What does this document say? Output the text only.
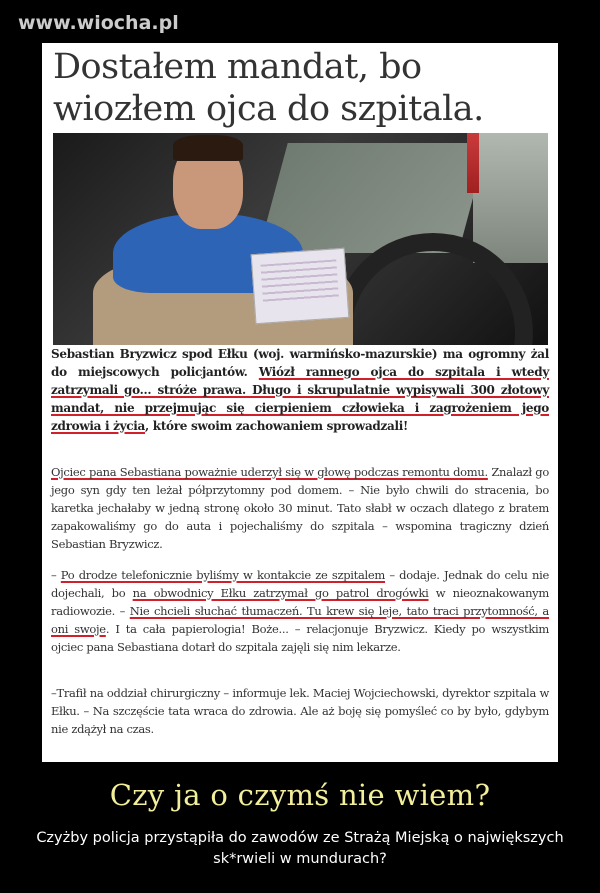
www.wiocha.pl
Dostałem mandat, bo wiozłem ojca do szpitala.
Sebastian Bryzwicz spod Ełku (woj. warmińsko-mazurskie) ma ogromny żal do miejscowych policjantów. Wiózł rannego ojca do szpitala i wtedy zatrzymali go... stróże prawa. Długo i skrupulatnie wypisywali 300 złotowy mandat, nie przejmując się cierpieniem człowieka i zagrożeniem jego zdrowia i życia, które swoim zachowaniem sprowadzali!
Ojciec pana Sebastiana poważnie uderzył się w głowę podczas remontu domu. Znalazł go jego syn gdy ten leżał półprzytomny pod domem. – Nie było chwili do stracenia, bo karetka jechałaby w jedną stronę około 30 minut. Tato słabł w oczach dlatego z bratem zapakowaliśmy go do auta i pojechaliśmy do szpitala – wspomina tragiczny dzień Sebastian Bryzwicz.
– Po drodze telefonicznie byliśmy w kontakcie ze szpitalem – dodaje. Jednak do celu nie dojechali, bo na obwodnicy Ełku zatrzymał go patrol drogówki w nieoznakowanym radiowozie. – Nie chcieli słuchać tłumaczeń. Tu krew się leje, tato traci przytomność, a oni swoje. I ta cała papierologia! Boże... – relacjonuje Bryzwicz. Kiedy po wszystkim ojciec pana Sebastiana dotarł do szpitala zajęli się nim lekarze.
–Trafił na oddział chirurgiczny – informuje lek. Maciej Wojciechowski, dyrektor szpitala w Ełku. – Na szczęście tata wraca do zdrowia. Ale aż boję się pomyśleć co by było, gdybym nie zdążył na czas.
Czy ja o czymś nie wiem?
Czyżby policja przystąpiła do zawodów ze Strażą Miejską o największych sk*rwieli w mundurach?
